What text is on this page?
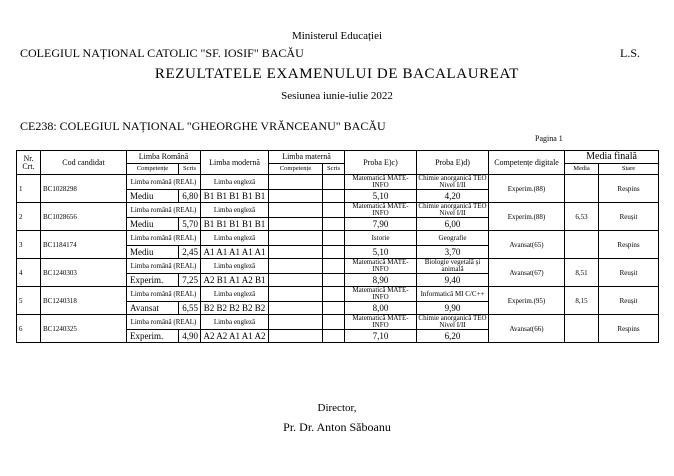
Ministerul Educației
COLEGIUL NAȚIONAL CATOLIC "SF. IOSIF" BACĂU	L.S.
REZULTATELE EXAMENULUI DE BACALAUREAT
Sesiunea iunie-iulie 2022
CE238: COLEGIUL NAȚIONAL "GHEORGHE VRĂNCEANU" BACĂU
Pagina 1
Nr. Crt.	Cod candidat	Limba Română		Limba modernă	Limba maternă		Proba E)c)	Proba E)d)	Competențe digitale	Media finală	
		Competențe	Scris		Competențe	Scris				Media	Stare
1	BC1028298	Limba română (REAL)		Limba engleză			Matematică MATE-INFO	Chimie anorganică TEO Nivel I/II	Experim.(88)		Respins
		Mediu	6,80	B1 B1 B1 B1 B1			5,10	4,20			
2	BC1028656	Limba română (REAL)		Limba engleză			Matematică MATE-INFO	Chimie anorganică TEO Nivel I/II	Experim.(88)	6,53	Reușit
		Mediu	5,70	B1 B1 B1 B1 B1			7,90	6,00			
3	BC1184174	Limba română (REAL)		Limba engleză			Istorie	Geografie	Avansat(65)		Respins
		Mediu	2,45	A1 A1 A1 A1 A1			5,10	3,70			
4	BC1240303	Limba română (REAL)		Limba engleză			Matematică MATE-INFO	Biologie vegetală și animală	Avansat(67)	8,51	Reușit
		Experim.	7,25	A2 B1 A1 A2 B1			8,90	9,40			
5	BC1240318	Limba română (REAL)		Limba engleză			Matematică MATE-INFO	Informatică MI C/C++	Experim.(95)	8,15	Reușit
		Avansat	6,55	B2 B2 B2 B2 B2			8,00	9,90			
6	BC1240325	Limba română (REAL)		Limba engleză			Matematică MATE-INFO	Chimie anorganică TEO Nivel I/II	Avansat(66)		Respins
		Experim.	4,90	A2 A2 A1 A1 A2			7,10	6,20			
Director,
Pr. Dr. Anton Săboanu
